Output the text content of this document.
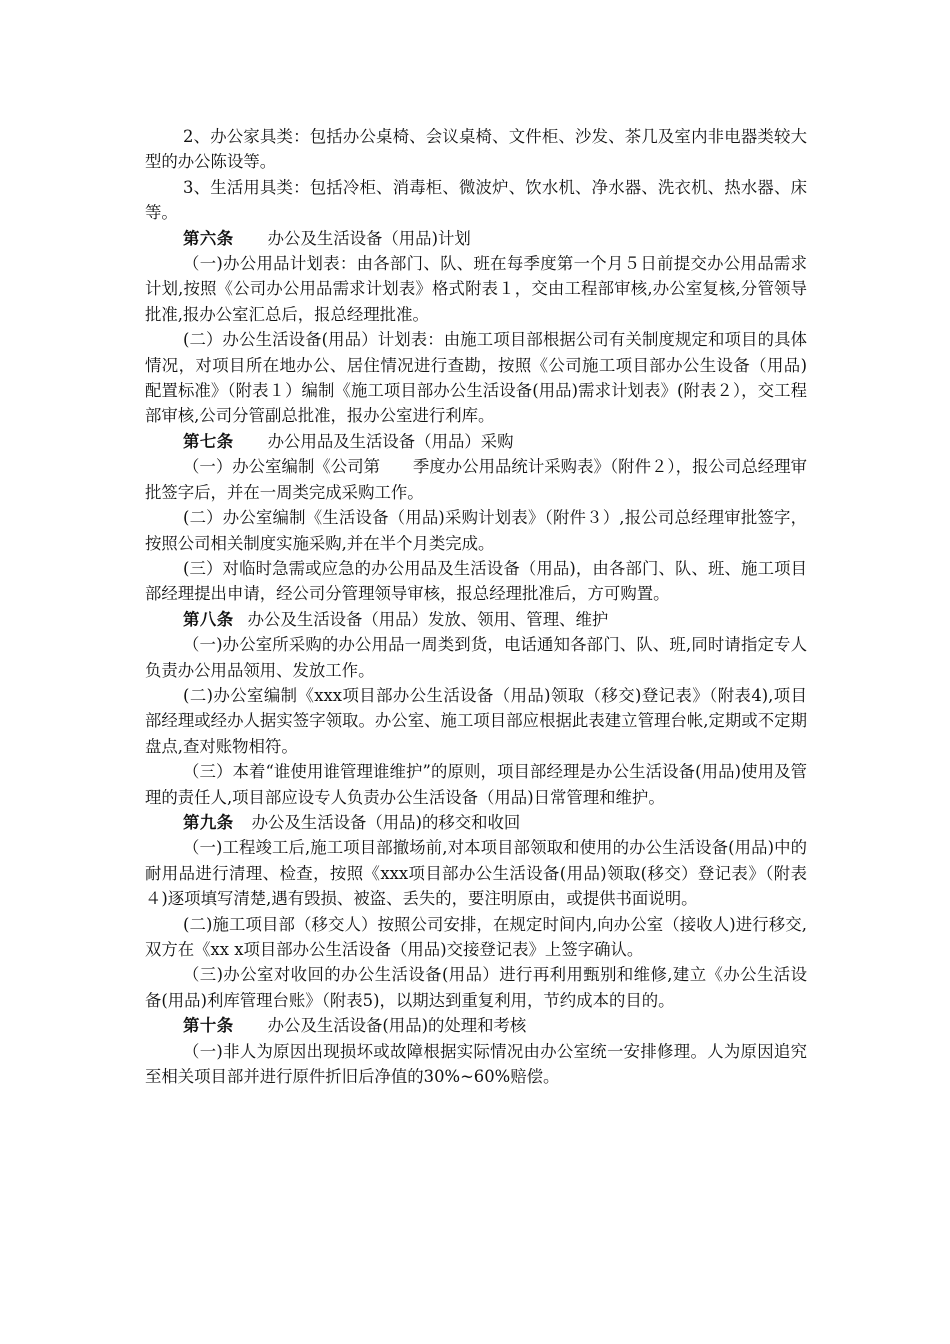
2、办公家具类：包括办公桌椅、会议桌椅、文件柜、沙发、茶几及室内非电器类较大型的办公陈设等。

3、生活用具类：包括冷柜、消毒柜、微波炉、饮水机、净水器、洗衣机、热水器、床等。

第六条 办公及生活设备（用品)计划

（一)办公用品计划表：由各部门、队、班在每季度第一个月５日前提交办公用品需求计划,按照《公司办公用品需求计划表》格式附表１，交由工程部审核,办公室复核,分管领导批准,报办公室汇总后，报总经理批准。

(二）办公生活设备(用品）计划表：由施工项目部根据公司有关制度规定和项目的具体情况，对项目所在地办公、居住情况进行查勘，按照《公司施工项目部办公生设备（用品)配置标准》（附表１）编制《施工项目部办公生活设备(用品)需求计划表》(附表２），交工程部审核,公司分管副总批准，报办公室进行利库。

第七条 办公用品及生活设备（用品）采购

（一）办公室编制《公司第　　季度办公用品统计采购表》（附件２），报公司总经理审批签字后，并在一周类完成采购工作。

(二）办公室编制《生活设备（用品)采购计划表》（附件３）,报公司总经理审批签字，按照公司相关制度实施采购,并在半个月类完成。

(三）对临时急需或应急的办公用品及生活设备（用品)，由各部门、队、班、施工项目部经理提出申请，经公司分管理领导审核，报总经理批准后，方可购置。

第八条 办公及生活设备（用品）发放、领用、管理、维护

（一)办公室所采购的办公用品一周类到货，电话通知各部门、队、班,同时请指定专人负责办公用品领用、发放工作。

(二)办公室编制《xxx项目部办公生活设备（用品)领取（移交)登记表》（附表4),项目部经理或经办人据实签字领取。办公室、施工项目部应根据此表建立管理台帐,定期或不定期盘点,查对账物相符。

（三）本着“谁使用谁管理谁维护”的原则，项目部经理是办公生活设备(用品)使用及管理的责任人,项目部应设专人负责办公生活设备（用品)日常管理和维护。

第九条 办公及生活设备（用品)的移交和收回

（一)工程竣工后,施工项目部撤场前,对本项目部领取和使用的办公生活设备(用品)中的耐用品进行清理、检查，按照《xxx项目部办公生活设备(用品)领取(移交）登记表》（附表４)逐项填写清楚,遇有毁损、被盗、丢失的，要注明原由，或提供书面说明。

(二)施工项目部（移交人）按照公司安排，在规定时间内,向办公室（接收人)进行移交,双方在《xx x项目部办公生活设备（用品)交接登记表》上签字确认。

（三)办公室对收回的办公生活设备(用品）进行再利用甄别和维修,建立《办公生活设备(用品)利库管理台账》（附表5)，以期达到重复利用，节约成本的目的。

第十条 办公及生活设备(用品)的处理和考核

（一)非人为原因出现损坏或故障根据实际情况由办公室统一安排修理。人为原因追究至相关项目部并进行原件折旧后净值的30%~60%赔偿。
